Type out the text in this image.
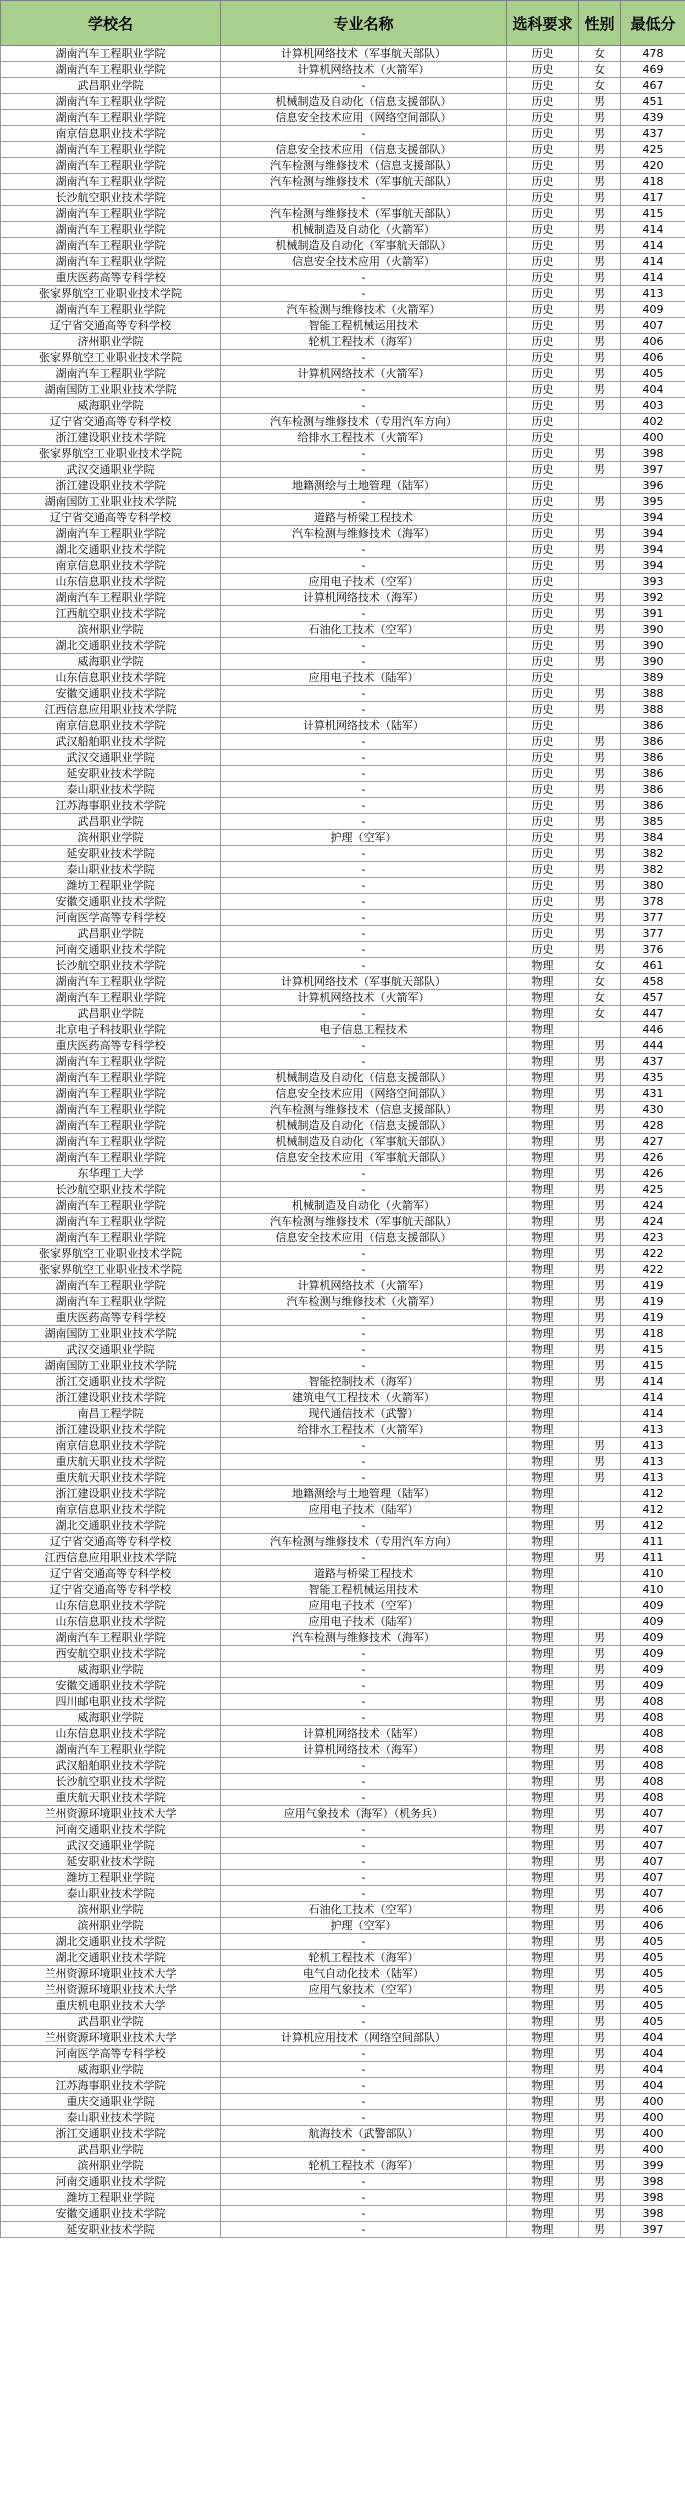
学校名	专业名称	选科要求	性别	最低分
湖南汽车工程职业学院	计算机网络技术（军事航天部队）	历史	女	478
湖南汽车工程职业学院	计算机网络技术（火箭军）	历史	女	469
武昌职业学院	-	历史	女	467
湖南汽车工程职业学院	机械制造及自动化（信息支援部队）	历史	男	451
湖南汽车工程职业学院	信息安全技术应用（网络空间部队）	历史	男	439
南京信息职业技术学院	-	历史	男	437
湖南汽车工程职业学院	信息安全技术应用（信息支援部队）	历史	男	425
湖南汽车工程职业学院	汽车检测与维修技术（信息支援部队）	历史	男	420
湖南汽车工程职业学院	汽车检测与维修技术（军事航天部队）	历史	男	418
长沙航空职业技术学院	-	历史	男	417
湖南汽车工程职业学院	汽车检测与维修技术（军事航天部队）	历史	男	415
湖南汽车工程职业学院	机械制造及自动化（火箭军）	历史	男	414
湖南汽车工程职业学院	机械制造及自动化（军事航天部队）	历史	男	414
湖南汽车工程职业学院	信息安全技术应用（火箭军）	历史	男	414
重庆医药高等专科学校	-	历史	男	414
张家界航空工业职业技术学院	-	历史	男	413
湖南汽车工程职业学院	汽车检测与维修技术（火箭军）	历史	男	409
辽宁省交通高等专科学校	智能工程机械运用技术	历史	男	407
济州职业学院	轮机工程技术（海军）	历史	男	406
张家界航空工业职业技术学院	-	历史	男	406
湖南汽车工程职业学院	计算机网络技术（火箭军）	历史	男	405
湖南国防工业职业技术学院	-	历史	男	404
威海职业学院	-	历史	男	403
辽宁省交通高等专科学校	汽车检测与维修技术（专用汽车方向）	历史		402
浙江建设职业技术学院	给排水工程技术（火箭军）	历史		400
张家界航空工业职业技术学院	-	历史	男	398
武汉交通职业学院	-	历史	男	397
浙江建设职业技术学院	地籍测绘与土地管理（陆军）	历史		396
湖南国防工业职业技术学院	-	历史	男	395
辽宁省交通高等专科学校	道路与桥梁工程技术	历史		394
湖南汽车工程职业学院	汽车检测与维修技术（海军）	历史	男	394
湖北交通职业技术学院	-	历史	男	394
南京信息职业技术学院	-	历史	男	394
山东信息职业技术学院	应用电子技术（空军）	历史		393
湖南汽车工程职业学院	计算机网络技术（海军）	历史	男	392
江西航空职业技术学院	-	历史	男	391
滨州职业学院	石油化工技术（空军）	历史	男	390
湖北交通职业技术学院	-	历史	男	390
威海职业学院	-	历史	男	390
山东信息职业技术学院	应用电子技术（陆军）	历史		389
安徽交通职业技术学院	-	历史	男	388
江西信息应用职业技术学院	-	历史	男	388
南京信息职业技术学院	计算机网络技术（陆军）	历史		386
武汉船舶职业技术学院	-	历史	男	386
武汉交通职业学院	-	历史	男	386
延安职业技术学院	-	历史	男	386
泰山职业技术学院	-	历史	男	386
江苏海事职业技术学院	-	历史	男	386
武昌职业学院	-	历史	男	385
滨州职业学院	护理（空军）	历史	男	384
延安职业技术学院	-	历史	男	382
泰山职业技术学院	-	历史	男	382
潍坊工程职业学院	-	历史	男	380
安徽交通职业技术学院	-	历史	男	378
河南医学高等专科学校	-	历史	男	377
武昌职业学院	-	历史	男	377
河南交通职业技术学院	-	历史	男	376
长沙航空职业技术学院	-	物理	女	461
湖南汽车工程职业学院	计算机网络技术（军事航天部队）	物理	女	458
湖南汽车工程职业学院	计算机网络技术（火箭军）	物理	女	457
武昌职业学院	-	物理	女	447
北京电子科技职业学院	电子信息工程技术	物理		446
重庆医药高等专科学校	-	物理	男	444
湖南汽车工程职业学院	-	物理	男	437
湖南汽车工程职业学院	机械制造及自动化（信息支援部队）	物理	男	435
湖南汽车工程职业学院	信息安全技术应用（网络空间部队）	物理	男	431
湖南汽车工程职业学院	汽车检测与维修技术（信息支援部队）	物理	男	430
湖南汽车工程职业学院	机械制造及自动化（信息支援部队）	物理	男	428
湖南汽车工程职业学院	机械制造及自动化（军事航天部队）	物理	男	427
湖南汽车工程职业学院	信息安全技术应用（军事航天部队）	物理	男	426
东华理工大学	-	物理	男	426
长沙航空职业技术学院	-	物理	男	425
湖南汽车工程职业学院	机械制造及自动化（火箭军）	物理	男	424
湖南汽车工程职业学院	汽车检测与维修技术（军事航天部队）	物理	男	424
湖南汽车工程职业学院	信息安全技术应用（信息支援部队）	物理	男	423
张家界航空工业职业技术学院	-	物理	男	422
张家界航空工业职业技术学院	-	物理	男	422
湖南汽车工程职业学院	计算机网络技术（火箭军）	物理	男	419
湖南汽车工程职业学院	汽车检测与维修技术（火箭军）	物理	男	419
重庆医药高等专科学校	-	物理	男	419
湖南国防工业职业技术学院	-	物理	男	418
武汉交通职业学院	-	物理	男	415
湖南国防工业职业技术学院	-	物理	男	415
浙江交通职业技术学院	智能控制技术（海军）	物理	男	414
浙江建设职业技术学院	建筑电气工程技术（火箭军）	物理		414
南昌工程学院	现代通信技术（武警）	物理		414
浙江建设职业技术学院	给排水工程技术（火箭军）	物理		413
南京信息职业技术学院	-	物理	男	413
重庆航天职业技术学院	-	物理	男	413
重庆航天职业技术学院	-	物理	男	413
浙江建设职业技术学院	地籍测绘与土地管理（陆军）	物理		412
南京信息职业技术学院	应用电子技术（陆军）	物理		412
湖北交通职业技术学院	-	物理	男	412
辽宁省交通高等专科学校	汽车检测与维修技术（专用汽车方向）	物理		411
江西信息应用职业技术学院	-	物理	男	411
辽宁省交通高等专科学校	道路与桥梁工程技术	物理		410
辽宁省交通高等专科学校	智能工程机械运用技术	物理		410
山东信息职业技术学院	应用电子技术（空军）	物理		409
山东信息职业技术学院	应用电子技术（陆军）	物理		409
湖南汽车工程职业学院	汽车检测与维修技术（海军）	物理	男	409
西安航空职业技术学院	-	物理	男	409
威海职业学院	-	物理	男	409
安徽交通职业技术学院	-	物理	男	409
四川邮电职业技术学院	-	物理	男	408
威海职业学院	-	物理	男	408
山东信息职业技术学院	计算机网络技术（陆军）	物理		408
湖南汽车工程职业学院	计算机网络技术（海军）	物理	男	408
武汉船舶职业技术学院	-	物理	男	408
长沙航空职业技术学院	-	物理	男	408
重庆航天职业技术学院	-	物理	男	408
兰州资源环境职业技术大学	应用气象技术（海军）（机务兵）	物理	男	407
河南交通职业技术学院	-	物理	男	407
武汉交通职业学院	-	物理	男	407
延安职业技术学院	-	物理	男	407
潍坊工程职业学院	-	物理	男	407
泰山职业技术学院	-	物理	男	407
滨州职业学院	石油化工技术（空军）	物理	男	406
滨州职业学院	护理（空军）	物理	男	406
湖北交通职业技术学院	-	物理	男	405
湖北交通职业技术学院	轮机工程技术（海军）	物理	男	405
兰州资源环境职业技术大学	电气自动化技术（陆军）	物理	男	405
兰州资源环境职业技术大学	应用气象技术（空军）	物理	男	405
重庆机电职业技术大学	-	物理	男	405
武昌职业学院	-	物理	男	405
兰州资源环境职业技术大学	计算机应用技术（网络空间部队）	物理	男	404
河南医学高等专科学校	-	物理	男	404
威海职业学院	-	物理	男	404
江苏海事职业技术学院	-	物理	男	404
重庆交通职业学院	-	物理	男	400
泰山职业技术学院	-	物理	男	400
浙江交通职业技术学院	航海技术（武警部队）	物理	男	400
武昌职业学院	-	物理	男	400
滨州职业学院	轮机工程技术（海军）	物理	男	399
河南交通职业技术学院	-	物理	男	398
潍坊工程职业学院	-	物理	男	398
安徽交通职业技术学院	-	物理	男	398
延安职业技术学院	-	物理	男	397
